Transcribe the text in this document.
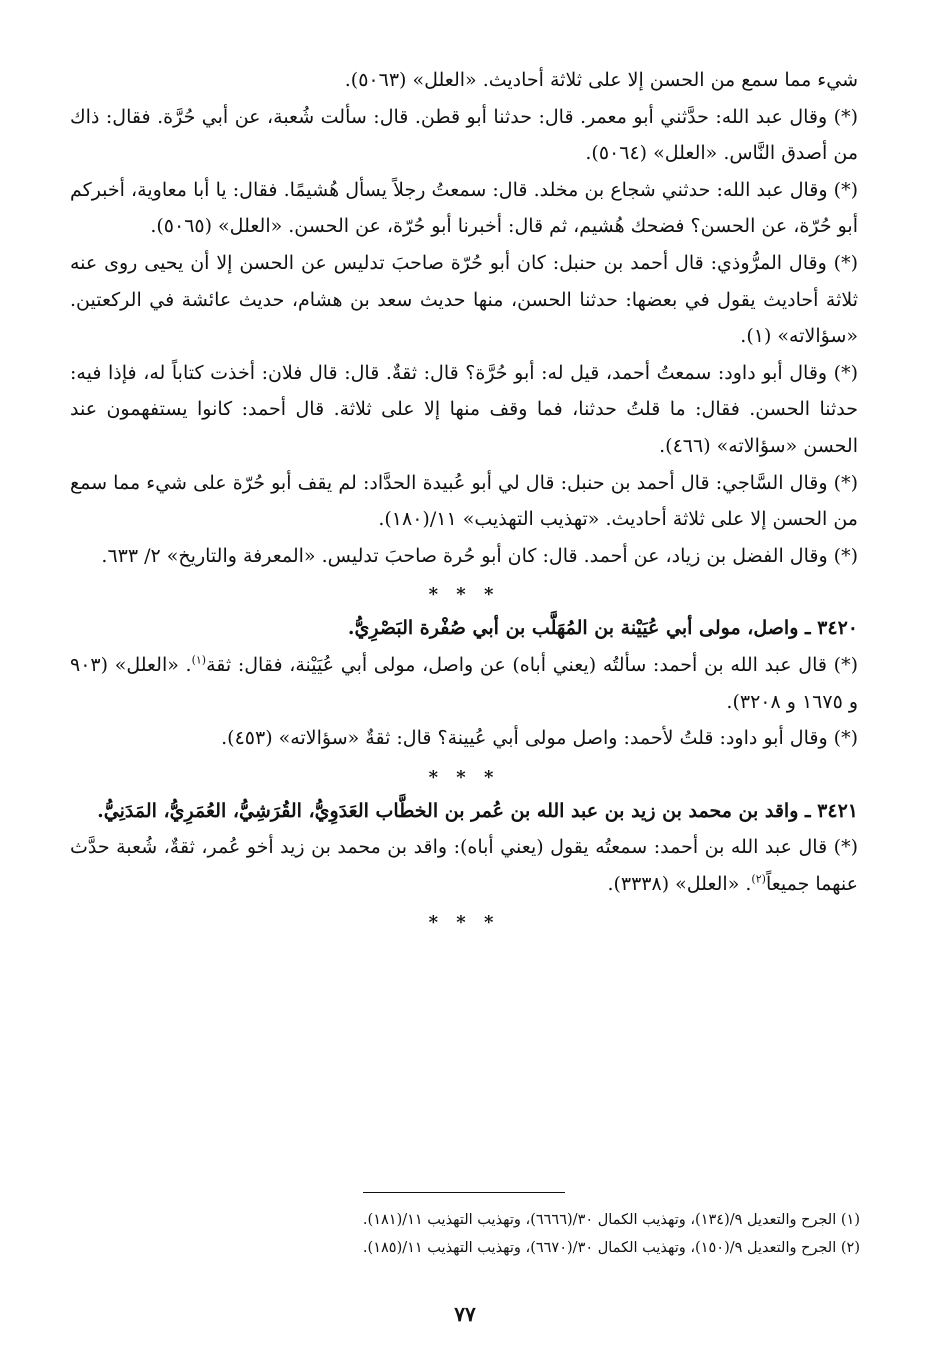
شيء مما سمع من الحسن إلا على ثلاثة أحاديث. «العلل» (٥٠٦٣).

(*) وقال عبد الله: حدَّثني أبو معمر. قال: حدثنا أبو قطن. قال: سألت شُعبة، عن أبي حُرَّة. فقال: ذاك من أصدق النَّاس. «العلل» (٥٠٦٤).

(*) وقال عبد الله: حدثني شجاع بن مخلد. قال: سمعتُ رجلاً يسأل هُشيمًا. فقال: يا أبا معاوية، أخبركم أبو حُرّة، عن الحسن؟ فضحك هُشيم، ثم قال: أخبرنا أبو حُرّة، عن الحسن. «العلل» (٥٠٦٥).

(*) وقال المرُّوذي: قال أحمد بن حنبل: كان أبو حُرّة صاحبَ تدليس عن الحسن إلا أن يحيى روى عنه ثلاثة أحاديث يقول في بعضها: حدثنا الحسن، منها حديث سعد بن هشام، حديث عائشة في الركعتين. «سؤالاته» (١).

(*) وقال أبو داود: سمعتُ أحمد، قيل له: أبو حُرَّة؟ قال: ثقةٌ. قال: قال فلان: أخذت كتاباً له، فإذا فيه: حدثنا الحسن. فقال: ما قلتُ حدثنا، فما وقف منها إلا على ثلاثة. قال أحمد: كانوا يستفهمون عند الحسن «سؤالاته» (٤٦٦).

(*) وقال السَّاجي: قال أحمد بن حنبل: قال لي أبو عُبيدة الحدَّاد: لم يقف أبو حُرّة على شيء مما سمع من الحسن إلا على ثلاثة أحاديث. «تهذيب التهذيب» ١١/(١٨٠).

(*) وقال الفضل بن زياد، عن أحمد. قال: كان أبو حُرة صاحبَ تدليس. «المعرفة والتاريخ» ٢/ ٦٣٣.

* * *

٣٤٢٠ ـ واصل، مولى أبي عُيَيْنة بن المُهَلَّب بن أبي صُفْرة البَصْرِيُّ.

(*) قال عبد الله بن أحمد: سألتُه (يعني أباه) عن واصل، مولى أبي عُيَيْنة، فقال: ثقة$^{(١)}$. «العلل» (٩٠٣ و ١٦٧٥ و ٣٢٠٨).

(*) وقال أبو داود: قلتُ لأحمد: واصل مولى أبي عُيينة؟ قال: ثقةٌ «سؤالاته» (٤٥٣).

* * *

٣٤٢١ ـ واقد بن محمد بن زيد بن عبد الله بن عُمر بن الخطَّاب العَدَوِيُّ، القُرَشِيُّ، العُمَرِيُّ، المَدَنِيُّ.

(*) قال عبد الله بن أحمد: سمعتُه يقول (يعني أباه): واقد بن محمد بن زيد أخو عُمر، ثقةٌ، شُعبة حدَّث عنهما جميعاً$^{(٢)}$. «العلل» (٣٣٣٨).

* * *

(١) الجرح والتعديل ٩/(١٣٤)، وتهذيب الكمال ٣٠/(٦٦٦٦)، وتهذيب التهذيب ١١/(١٨١).

(٢) الجرح والتعديل ٩/(١٥٠)، وتهذيب الكمال ٣٠/(٦٦٧٠)، وتهذيب التهذيب ١١/(١٨٥).

٧٧
